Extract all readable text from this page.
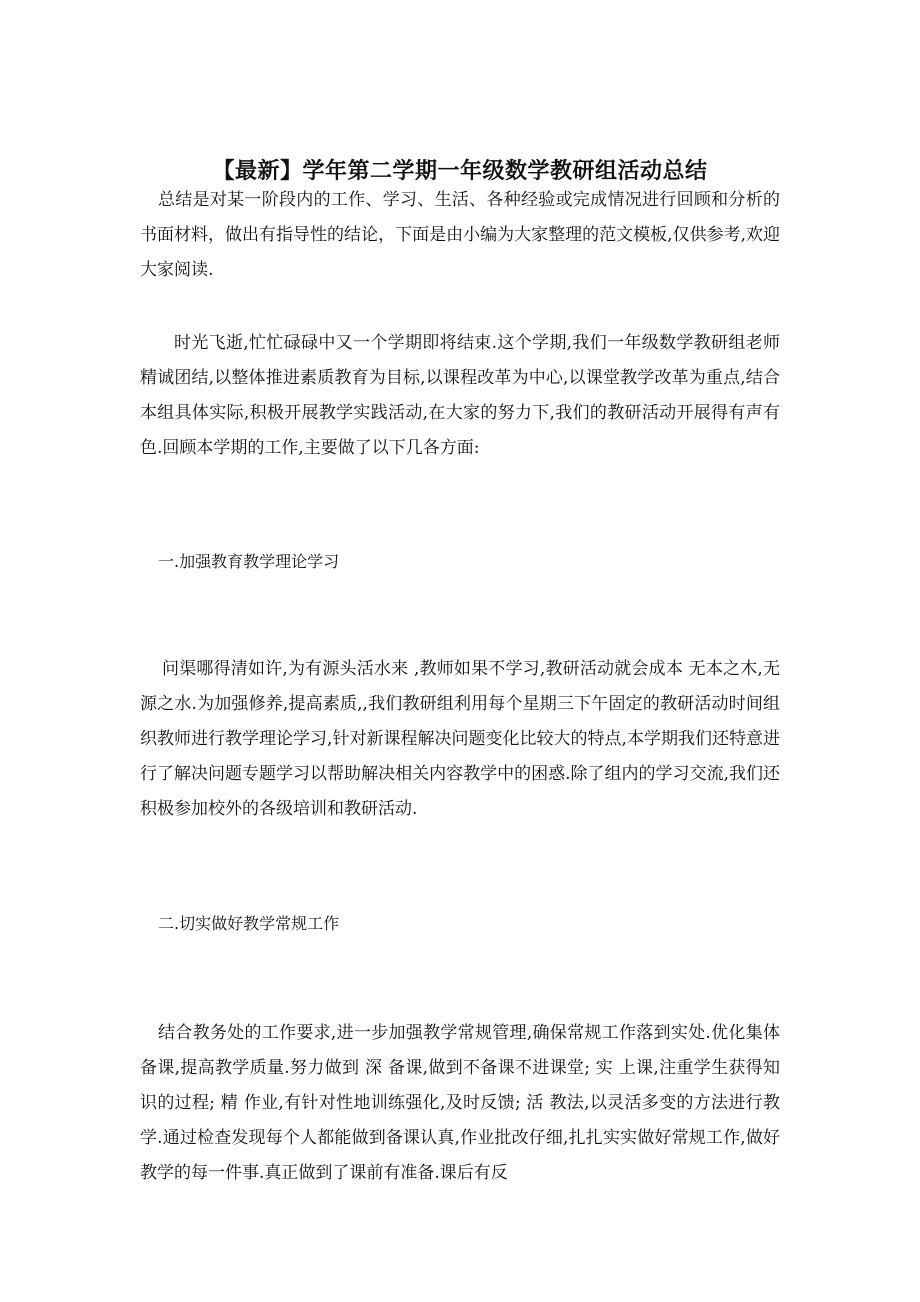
【最新】学年第二学期一年级数学教研组活动总结

总结是对某一阶段内的工作、学习、生活、各种经验或完成情况进行回顾和分析的书面材料，做出有指导性的结论，下面是由小编为大家整理的范文模板,仅供参考,欢迎大家阅读.

时光飞逝,忙忙碌碌中又一个学期即将结束.这个学期,我们一年级数学教研组老师精诚团结,以整体推进素质教育为目标,以课程改革为中心,以课堂教学改革为重点,结合本组具体实际,积极开展教学实践活动,在大家的努力下,我们的教研活动开展得有声有色.回顾本学期的工作,主要做了以下几各方面:

一.加强教育教学理论学习

问渠哪得清如许,为有源头活水来 ,教师如果不学习,教研活动就会成本 无本之木,无源之水.为加强修养,提高素质,,我们教研组利用每个星期三下午固定的教研活动时间组织教师进行教学理论学习,针对新课程解决问题变化比较大的特点,本学期我们还特意进行了解决问题专题学习以帮助解决相关内容教学中的困惑.除了组内的学习交流,我们还积极参加校外的各级培训和教研活动.

二.切实做好教学常规工作

结合教务处的工作要求,进一步加强教学常规管理,确保常规工作落到实处.优化集体备课,提高教学质量.努力做到 深 备课,做到不备课不进课堂; 实 上课,注重学生获得知识的过程; 精 作业,有针对性地训练强化,及时反馈; 活 教法,以灵活多变的方法进行教学.通过检查发现每个人都能做到备课认真,作业批改仔细,扎扎实实做好常规工作,做好教学的每一件事.真正做到了课前有准备.课后有反
